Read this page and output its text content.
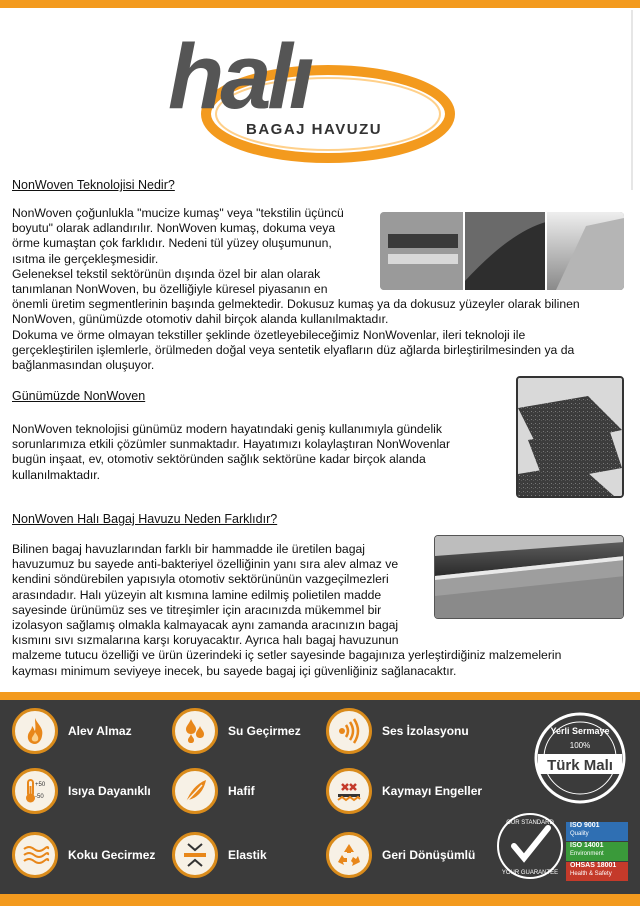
halı
BAGAJ HAVUZU
NonWoven Teknolojisi Nedir?
NonWoven çoğunlukla "mucize kumaş" veya "tekstilin üçüncü
boyutu" olarak adlandırılır. NonWoven kumaş, dokuma veya
örme kumaştan çok farklıdır. Nedeni tül yüzey oluşumunun,
ısıtma ile gerçekleşmesidir.
Geleneksel tekstil sektörünün dışında özel bir alan olarak
tanımlanan NonWoven, bu özelliğiyle küresel piyasanın en
önemli üretim segmentlerinin başında gelmektedir. Dokusuz kumaş ya da dokusuz yüzeyler olarak bilinen
NonWoven, günümüzde otomotiv dahil birçok alanda kullanılmaktadır.
Dokuma ve örme olmayan tekstiller şeklinde özetleyebileceğimiz NonWovenlar, ileri teknoloji ile
gerçekleştirilen işlemlerle, örülmeden doğal veya sentetik elyafların düz ağlarda birleştirilmesinden ya da
bağlanmasından oluşuyor.
Günümüzde NonWoven
NonWoven teknolojisi günümüz modern hayatındaki geniş kullanımıyla gündelik
sorunlarımıza etkili çözümler sunmaktadır. Hayatımızı kolaylaştıran NonWovenlar
bugün inşaat, ev, otomotiv sektöründen sağlık sektörüne kadar birçok alanda
kullanılmaktadır.
NonWoven Halı Bagaj Havuzu Neden Farklıdır?
Bilinen bagaj havuzlarından farklı bir hammadde ile üretilen bagaj
havuzumuz bu sayede anti-bakteriyel özelliğinin yanı sıra alev almaz ve
kendini söndürebilen yapısıyla otomotiv sektörününün vazgeçilmezleri
arasındadır. Halı yüzeyin alt kısmına lamine edilmiş polietilen madde
sayesinde ürünümüz ses ve titreşimler için aracınızda mükemmel bir
izolasyon sağlamış olmakla kalmayacak aynı zamanda aracınızın bagaj
kısmını sıvı sızmalarına karşı koruyacaktır. Ayrıca halı bagaj havuzunun
malzeme tutucu özelliği ve ürün üzerindeki iç setler sayesinde bagajınıza yerleştirdiğiniz malzemelerin
kayması minimum seviyeye inecek, bu sayede bagaj içi güvenliğiniz sağlanacaktır.
Alev Almaz	Su Geçirmez	Ses İzolasyonu
+50
-50 Isıya Dayanıklı	Hafif	Kaymayı Engeller
Koku Gecirmez	Elastik	Geri Dönüşümlü
Yerli Sermaye
100%
Türk Malı
OUR STANDARD
YOUR GUARANTEE
ISO 9001
Quality
ISO 14001
Environment
OHSAS 18001
Health & Safety
